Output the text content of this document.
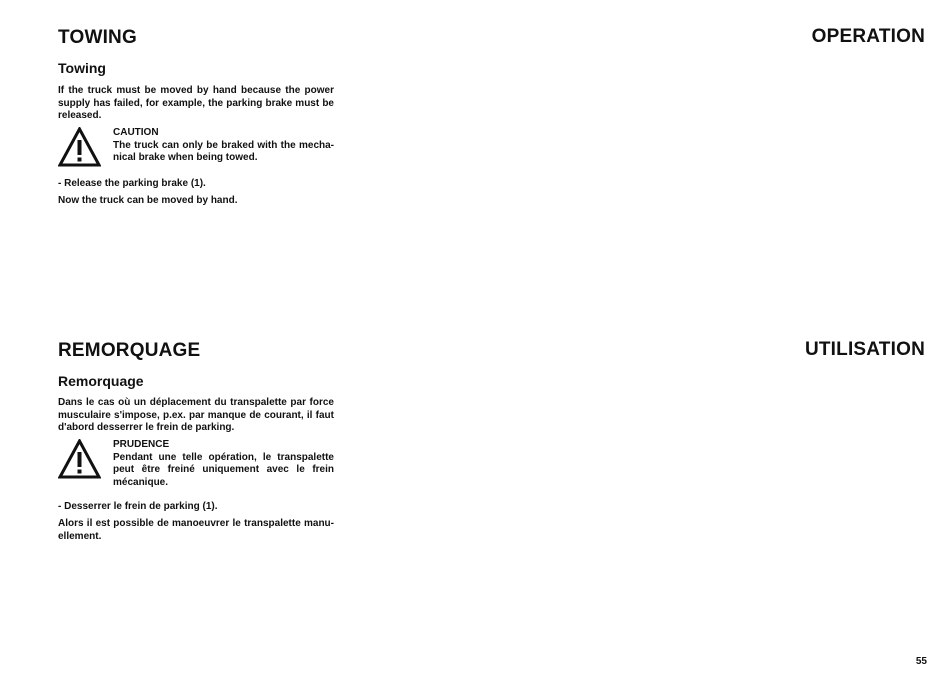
TOWING	OPERATION
Towing

If the truck must be moved by hand because the power supply has failed, for example, the parking brake must be released.

CAUTION

The truck can only be braked with the mecha-nical brake when being towed.

- Release the parking brake (1).

Now the truck can be moved by hand.

REMORQUAGE	UTILISATION
Remorquage

Dans le cas où un déplacement du transpalette par force musculaire s'impose, p.ex. par manque de courant, il faut d'abord desserrer le frein de parking.

PRUDENCE

Pendant une telle opération, le transpalette peut être freiné uniquement avec le frein mécanique.

- Desserrer le frein de parking (1).

Alors il est possible de manoeuvrer le transpalette manu-ellement.

55
